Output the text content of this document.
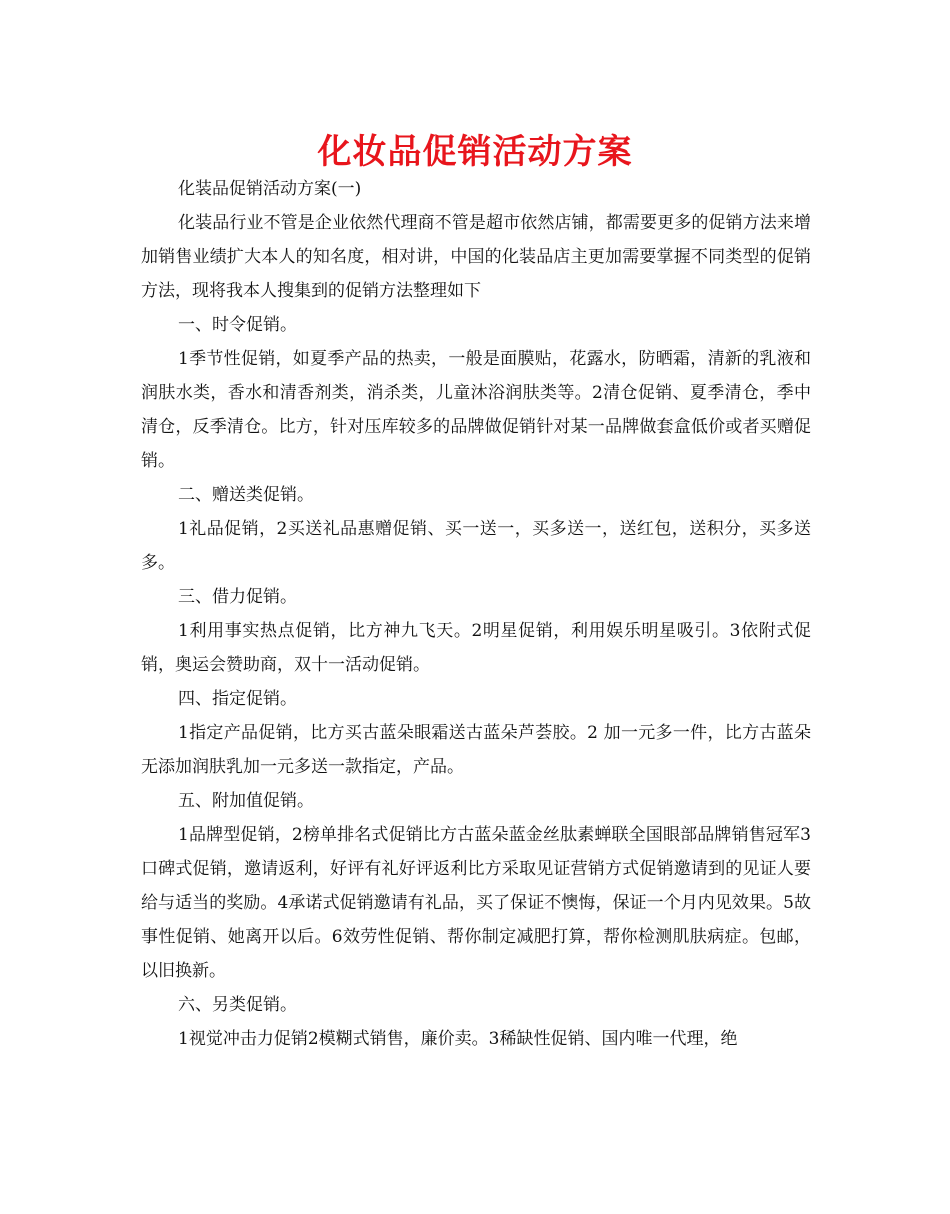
化妆品促销活动方案

化装品促销活动方案(一)

化装品行业不管是企业依然代理商不管是超市依然店铺，都需要更多的促销方法来增加销售业绩扩大本人的知名度，相对讲，中国的化装品店主更加需要掌握不同类型的促销方法，现将我本人搜集到的促销方法整理如下

一、时令促销。

1季节性促销，如夏季产品的热卖，一般是面膜贴，花露水，防晒霜，清新的乳液和润肤水类，香水和清香剂类，消杀类，儿童沐浴润肤类等。2清仓促销、夏季清仓，季中清仓，反季清仓。比方，针对压库较多的品牌做促销针对某一品牌做套盒低价或者买赠促销。

二、赠送类促销。

1礼品促销，2买送礼品惠赠促销、买一送一，买多送一，送红包，送积分，买多送多。

三、借力促销。

1利用事实热点促销，比方神九飞天。2明星促销，利用娱乐明星吸引。3依附式促销，奥运会赞助商，双十一活动促销。

四、指定促销。

1指定产品促销，比方买古蓝朵眼霜送古蓝朵芦荟胶。2 加一元多一件，比方古蓝朵无添加润肤乳加一元多送一款指定，产品。

五、附加值促销。

1品牌型促销，2榜单排名式促销比方古蓝朵蓝金丝肽素蝉联全国眼部品牌销售冠军3口碑式促销，邀请返利，好评有礼好评返利比方采取见证营销方式促销邀请到的见证人要给与适当的奖励。4承诺式促销邀请有礼品，买了保证不懊悔，保证一个月内见效果。5故事性促销、她离开以后。6效劳性促销、帮你制定减肥打算，帮你检测肌肤病症。包邮，以旧换新。

六、另类促销。

1视觉冲击力促销2模糊式销售，廉价卖。3稀缺性促销、国内唯一代理，绝
